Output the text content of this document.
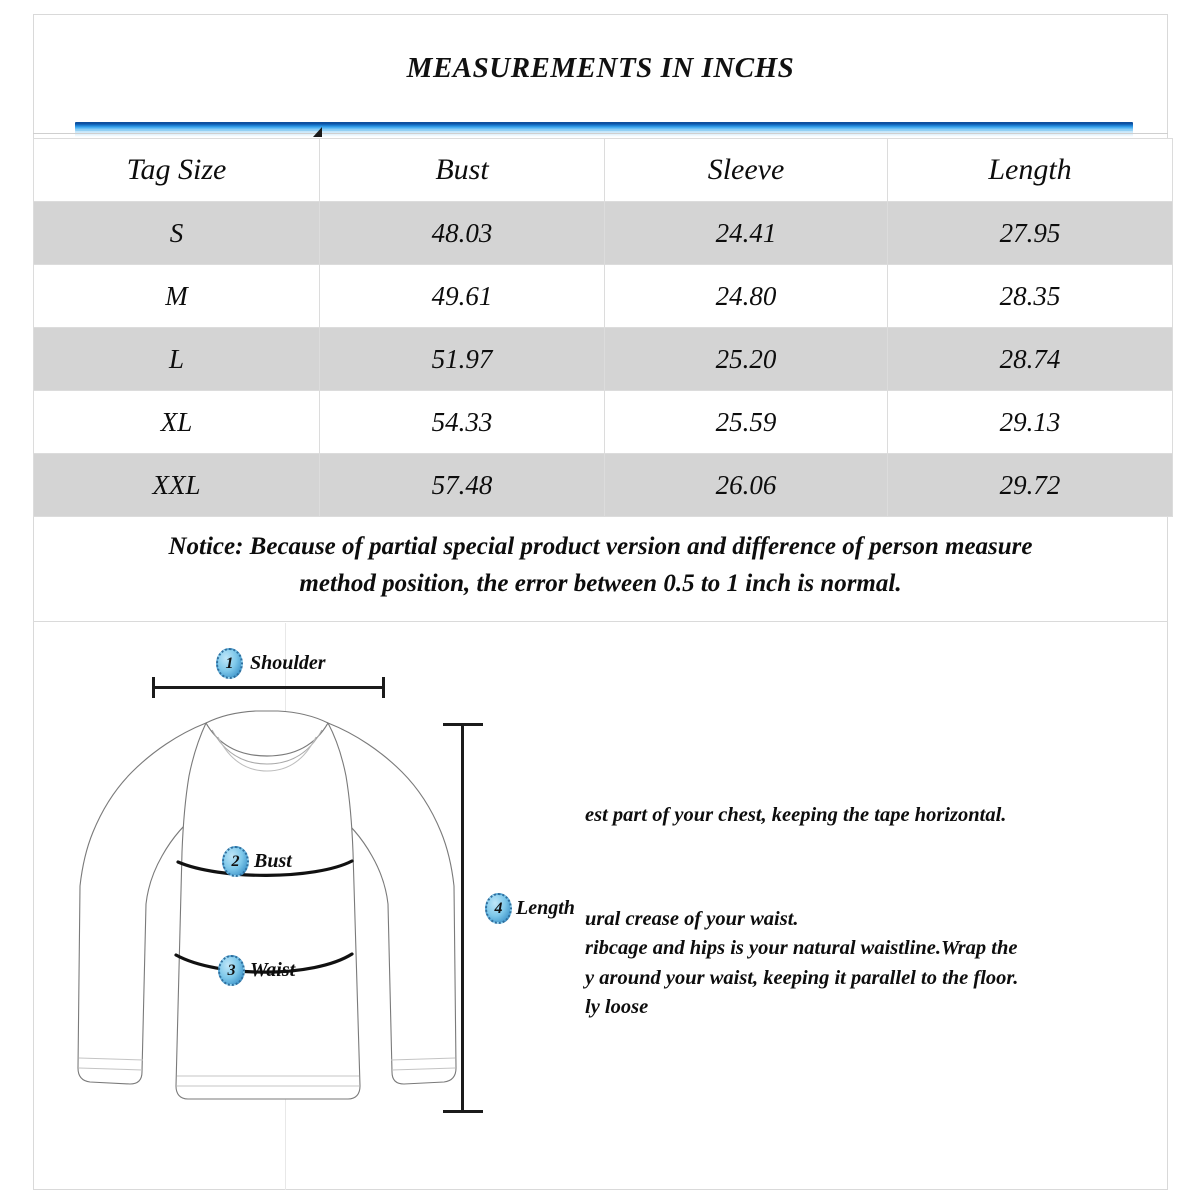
MEASUREMENTS IN INCHS
Tag Size	Bust	Sleeve	Length
S	48.03	24.41	27.95
M	49.61	24.80	28.35
L	51.97	25.20	28.74
XL	54.33	25.59	29.13
XXL	57.48	26.06	29.72
Notice: Because of partial special product version and difference of person measure
method position, the error between 0.5 to 1 inch is normal.
1 Shoulder
2 Bust
3 Waist
4 Length
est part of your chest, keeping the tape horizontal.
ural crease of your waist.
ribcage and hips is your natural waistline.Wrap the
y around your waist, keeping it parallel to the floor.
ly loose
